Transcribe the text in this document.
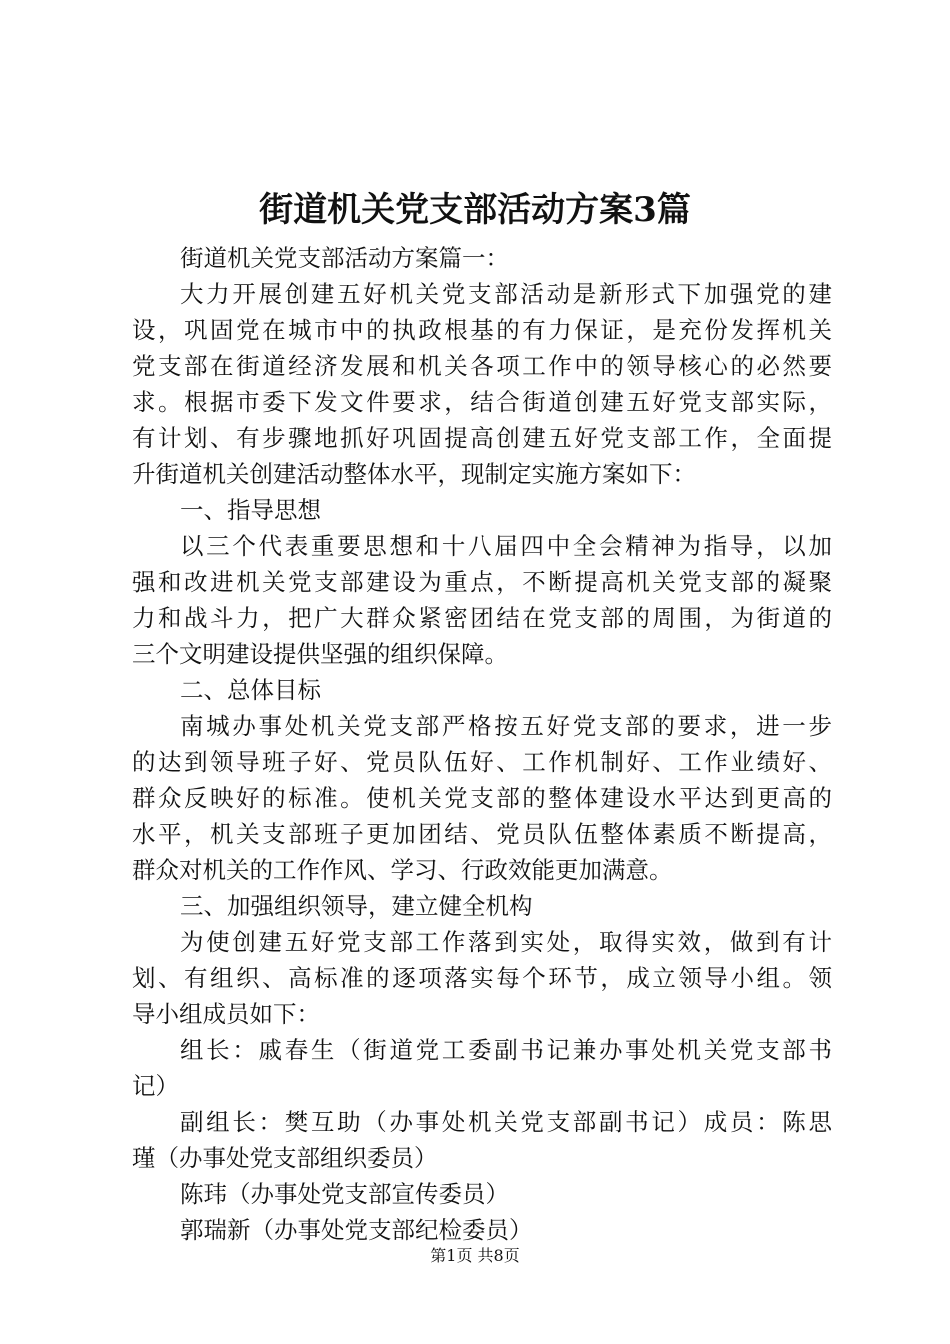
街道机关党支部活动方案3篇
街道机关党支部活动方案篇一：
大力开展创建五好机关党支部活动是新形式下加强党的建
设，巩固党在城市中的执政根基的有力保证，是充份发挥机关
党支部在街道经济发展和机关各项工作中的领导核心的必然要
求。根据市委下发文件要求，结合街道创建五好党支部实际，
有计划、有步骤地抓好巩固提高创建五好党支部工作，全面提
升街道机关创建活动整体水平，现制定实施方案如下：
一、指导思想
以三个代表重要思想和十八届四中全会精神为指导，以加
强和改进机关党支部建设为重点，不断提高机关党支部的凝聚
力和战斗力，把广大群众紧密团结在党支部的周围，为街道的
三个文明建设提供坚强的组织保障。
二、总体目标
南城办事处机关党支部严格按五好党支部的要求，进一步
的达到领导班子好、党员队伍好、工作机制好、工作业绩好、
群众反映好的标准。使机关党支部的整体建设水平达到更高的
水平，机关支部班子更加团结、党员队伍整体素质不断提高，
群众对机关的工作作风、学习、行政效能更加满意。
三、加强组织领导，建立健全机构
为使创建五好党支部工作落到实处，取得实效，做到有计
划、有组织、高标准的逐项落实每个环节，成立领导小组。领
导小组成员如下：
组长：戚春生（街道党工委副书记兼办事处机关党支部书
记）
副组长：樊互助（办事处机关党支部副书记）成员：陈思
瑾（办事处党支部组织委员）
陈玮（办事处党支部宣传委员）
郭瑞新（办事处党支部纪检委员）
第1页 共8页
